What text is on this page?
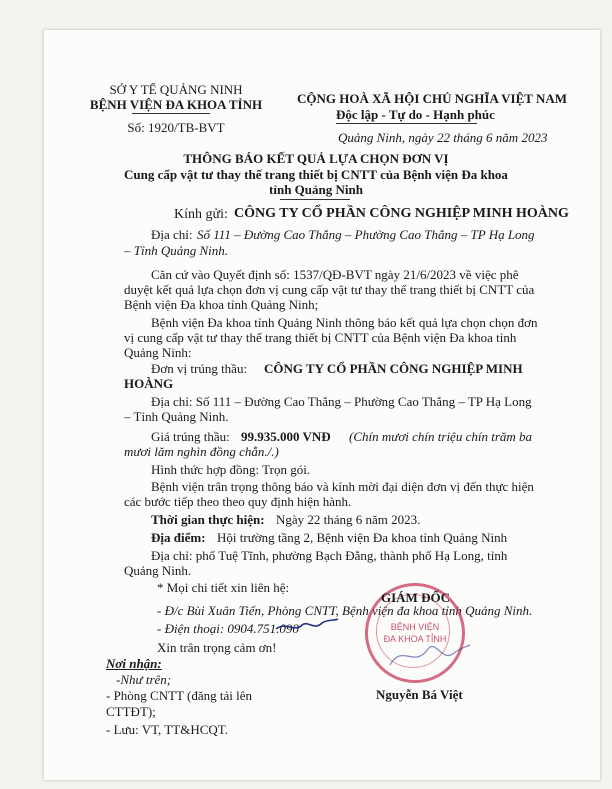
SỞ Y TẾ QUẢNG NINH
BỆNH VIỆN ĐA KHOA TỈNH
Số: 1920/TB-BVT
CỘNG HOÀ XÃ HỘI CHỦ NGHĨA VIỆT NAM
Độc lập - Tự do - Hạnh phúc
Quảng Ninh, ngày 22 tháng 6 năm 2023
THÔNG BÁO KẾT QUẢ LỰA CHỌN ĐƠN VỊ
Cung cấp vật tư thay thế trang thiết bị CNTT của Bệnh viện Đa khoa
tỉnh Quảng Ninh
Kính gửi: CÔNG TY CỔ PHẦN CÔNG NGHIỆP MINH HOÀNG
Địa chỉ: Số 111 – Đường Cao Thắng – Phường Cao Thắng – TP Hạ Long
– Tỉnh Quảng Ninh.
Căn cứ vào Quyết định số: 1537/QĐ-BVT ngày 21/6/2023 về việc phê
duyệt kết quả lựa chọn đơn vị cung cấp vật tư thay thế trang thiết bị CNTT của
Bệnh viện Đa khoa tỉnh Quảng Ninh;
Bệnh viện Đa khoa tỉnh Quảng Ninh thông báo kết quả lựa chọn chọn đơn
vị cung cấp vật tư thay thế trang thiết bị CNTT của Bệnh viện Đa khoa tỉnh
Quảng Ninh:
Đơn vị trúng thầu: CÔNG TY CỔ PHẦN CÔNG NGHIỆP MINH
HOÀNG
Địa chỉ: Số 111 – Đường Cao Thắng – Phường Cao Thắng – TP Hạ Long
– Tỉnh Quảng Ninh.
Giá trúng thầu: 99.935.000 VNĐ (Chín mươi chín triệu chín trăm ba
mươi lăm nghìn đồng chẵn./.)
Hình thức hợp đồng: Trọn gói.
Bệnh viện trân trọng thông báo và kính mời đại diện đơn vị đến thực hiện
các bước tiếp theo theo quy định hiện hành.
Thời gian thực hiện: Ngày 22 tháng 6 năm 2023.
Địa điểm: Hội trường tầng 2, Bệnh viện Đa khoa tỉnh Quảng Ninh
Địa chỉ: phố Tuệ Tĩnh, phường Bạch Đằng, thành phố Hạ Long, tỉnh
Quảng Ninh.
* Mọi chi tiết xin liên hệ:
- Đ/c Bùi Xuân Tiến, Phòng CNTT, Bệnh viện đa khoa tỉnh Quảng Ninh.
- Điện thoại: 0904.751.090
Xin trân trọng cảm ơn!
Nơi nhận:
-Như trên;
- Phòng CNTT (đăng tải lên
CTTĐT);
- Lưu: VT, TT&HCQT.
BỆNH VIỆN
ĐA KHOA TỈNH
GIÁM ĐỐC
Nguyễn Bá Việt
